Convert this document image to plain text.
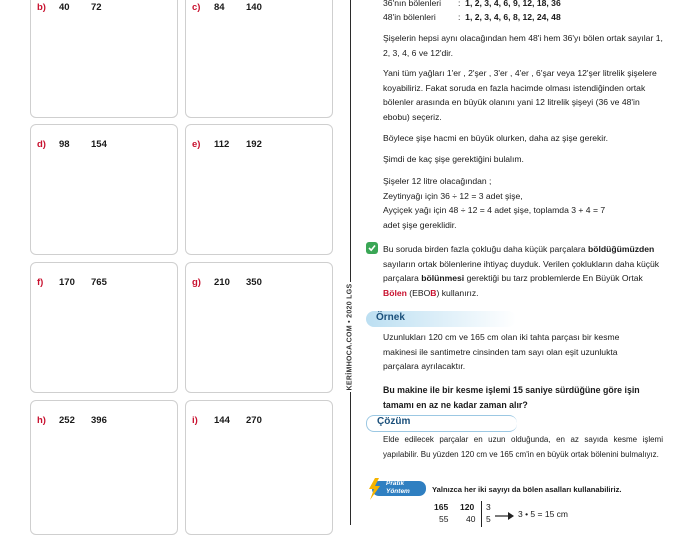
b) 40 72	c) 84 140
d) 98 154	e) 112 192
f) 170 765	g) 210 350
h) 252 396	i) 144 270
KERİMHOCA.COM • 2020 LGS
36'nın bölenleri :  1, 2, 3, 4, 6, 9, 12, 18, 36
48'in bölenleri	:  1, 2, 3, 4, 6, 8, 12, 24, 48
Şişelerin hepsi aynı olacağından hem 48'i hem 36'yı bölen ortak sayılar 1, 2, 3, 4, 6 ve 12'dir.
Yani tüm yağları 1'er , 2'şer , 3'er , 4'er , 6'şar veya 12'şer litrelik şişelere koyabiliriz. Fakat soruda en fazla hacimde olması istendiğinden ortak bölenler arasında en büyük olanını yani 12 litrelik şişeyi (36 ve 48'in ebobu) seçeriz.
Böylece şişe hacmi en büyük olurken, daha az şişe gerekir.
Şimdi de kaç şişe gerektiğini bulalım.
Şişeler 12 litre olacağından ;
Zeytinyağı için 36 ÷ 12 = 3 adet şişe,
Ayçiçek yağı için 48 ÷ 12 = 4 adet şişe, toplamda 3 + 4 = 7
adet şişe gereklidir.
Bu soruda birden fazla çokluğu daha küçük parçalara böldüğümüzden sayıların ortak bölenlerine ihtiyaç duyduk. Verilen çoklukların daha küçük parçalara bölünmesi gerektiği bu tarz problemlerde En Büyük Ortak Bölen (EBOB) kullanırız.
Örnek
Uzunlukları 120 cm ve 165 cm olan iki tahta parçası bir kesme makinesi ile santimetre cinsinden tam sayı olan eşit uzunlukta parçalara ayrılacaktır.
Bu makine ile bir kesme işlemi 15 saniye sürdüğüne göre işin tamamı en az ne kadar zaman alır?
Çözüm
Elde edilecek parçalar en uzun olduğunda, en az sayıda kesme işlemi yapılabilir. Bu yüzden 120 cm ve 165 cm'in en büyük ortak bölenini bulmalıyız.
Pratik
Yöntem	Yalnızca her iki sayıyı da bölen asalları kullanabiliriz.
165 120 3
55 40 5	3 • 5 = 15 cm
